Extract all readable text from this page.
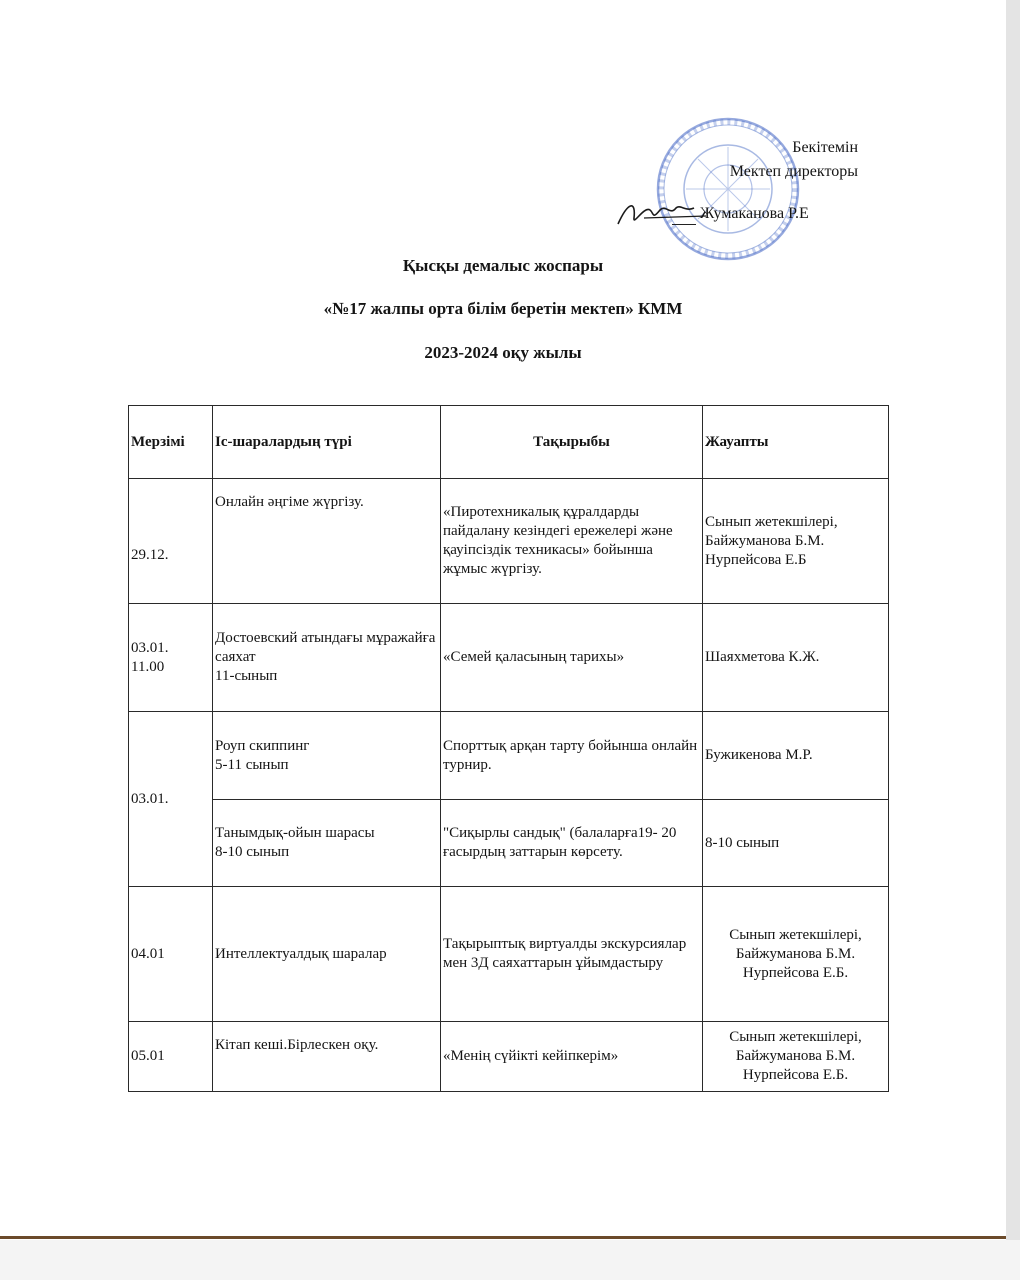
Бекітемін
Мектеп директоры
Жумаканова Р.Е
Қысқы демалыс жоспары
«№17 жалпы орта білім беретін мектеп» КММ
2023-2024 оқу жылы
Мерзімі	Іс-шаралардың түрі	Тақырыбы	Жауапты
29.12.	Онлайн әңгіме жүргізу.	«Пиротехникалық құралдарды пайдалану кезіндегі ережелері және қауіпсіздік техникасы» бойынша жұмыс жүргізу.	Сынып жетекшілері,
Байжуманова Б.М.
Нурпейсова Е.Б
03.01.
11.00	Достоевский атындағы мұражайға саяхат
11-сынып	«Семей қаласының тарихы»	Шаяхметова К.Ж.
03.01.	Роуп скиппинг
5-11 сынып	Спорттық арқан тарту бойынша онлайн турнир.	Бужикенова М.Р.
	Танымдық-ойын шарасы
8-10 сынып	"Сиқырлы сандық" (балаларға19- 20 ғасырдың заттарын көрсету.	8-10 сынып
04.01	Интеллектуалдық шаралар	Тақырыптық виртуалды экскурсиялар мен 3Д саяхаттарын ұйымдастыру	Сынып жетекшілері,
Байжуманова Б.М.
Нурпейсова Е.Б.
05.01	Кітап кеші.Бірлескен оқу.	«Менің сүйікті кейіпкерім»	Сынып жетекшілері,
Байжуманова Б.М.
Нурпейсова Е.Б.
